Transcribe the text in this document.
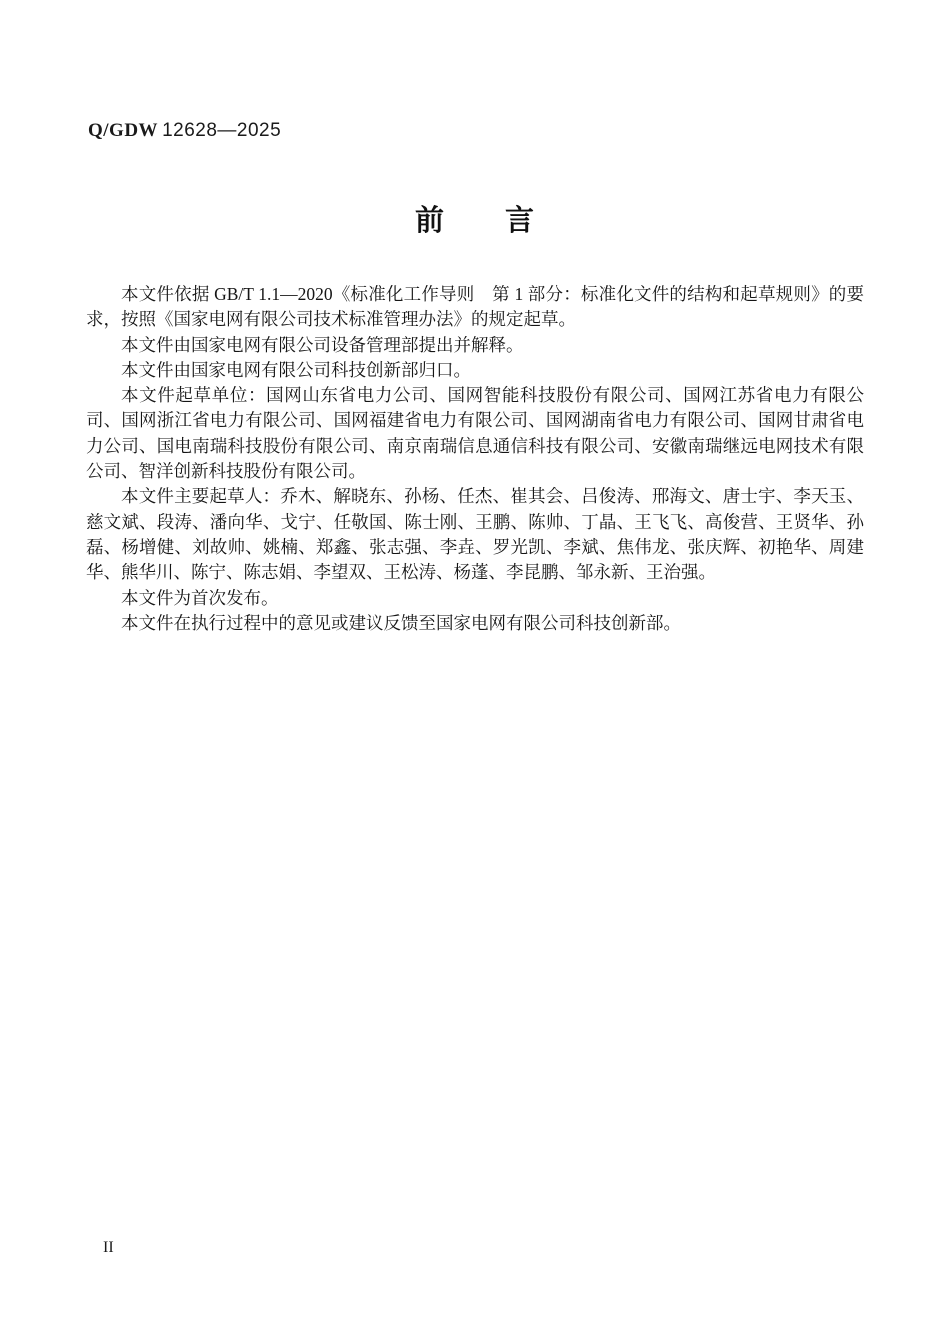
Q/GDW 12628—2025
前　　言

本文件依据 GB/T 1.1—2020《标准化工作导则　第 1 部分：标准化文件的结构和起草规则》的要求，按照《国家电网有限公司技术标准管理办法》的规定起草。

本文件由国家电网有限公司设备管理部提出并解释。

本文件由国家电网有限公司科技创新部归口。

本文件起草单位：国网山东省电力公司、国网智能科技股份有限公司、国网江苏省电力有限公司、国网浙江省电力有限公司、国网福建省电力有限公司、国网湖南省电力有限公司、国网甘肃省电力公司、国电南瑞科技股份有限公司、南京南瑞信息通信科技有限公司、安徽南瑞继远电网技术有限公司、智洋创新科技股份有限公司。

本文件主要起草人：乔木、解晓东、孙杨、任杰、崔其会、吕俊涛、邢海文、唐士宇、李天玉、慈文斌、段涛、潘向华、戈宁、任敬国、陈士刚、王鹏、陈帅、丁晶、王飞飞、高俊营、王贤华、孙磊、杨增健、刘故帅、姚楠、郑鑫、张志强、李垚、罗光凯、李斌、焦伟龙、张庆辉、初艳华、周建华、熊华川、陈宁、陈志娟、李望双、王松涛、杨蓬、李昆鹏、邹永新、王治强。

本文件为首次发布。

本文件在执行过程中的意见或建议反馈至国家电网有限公司科技创新部。

II
